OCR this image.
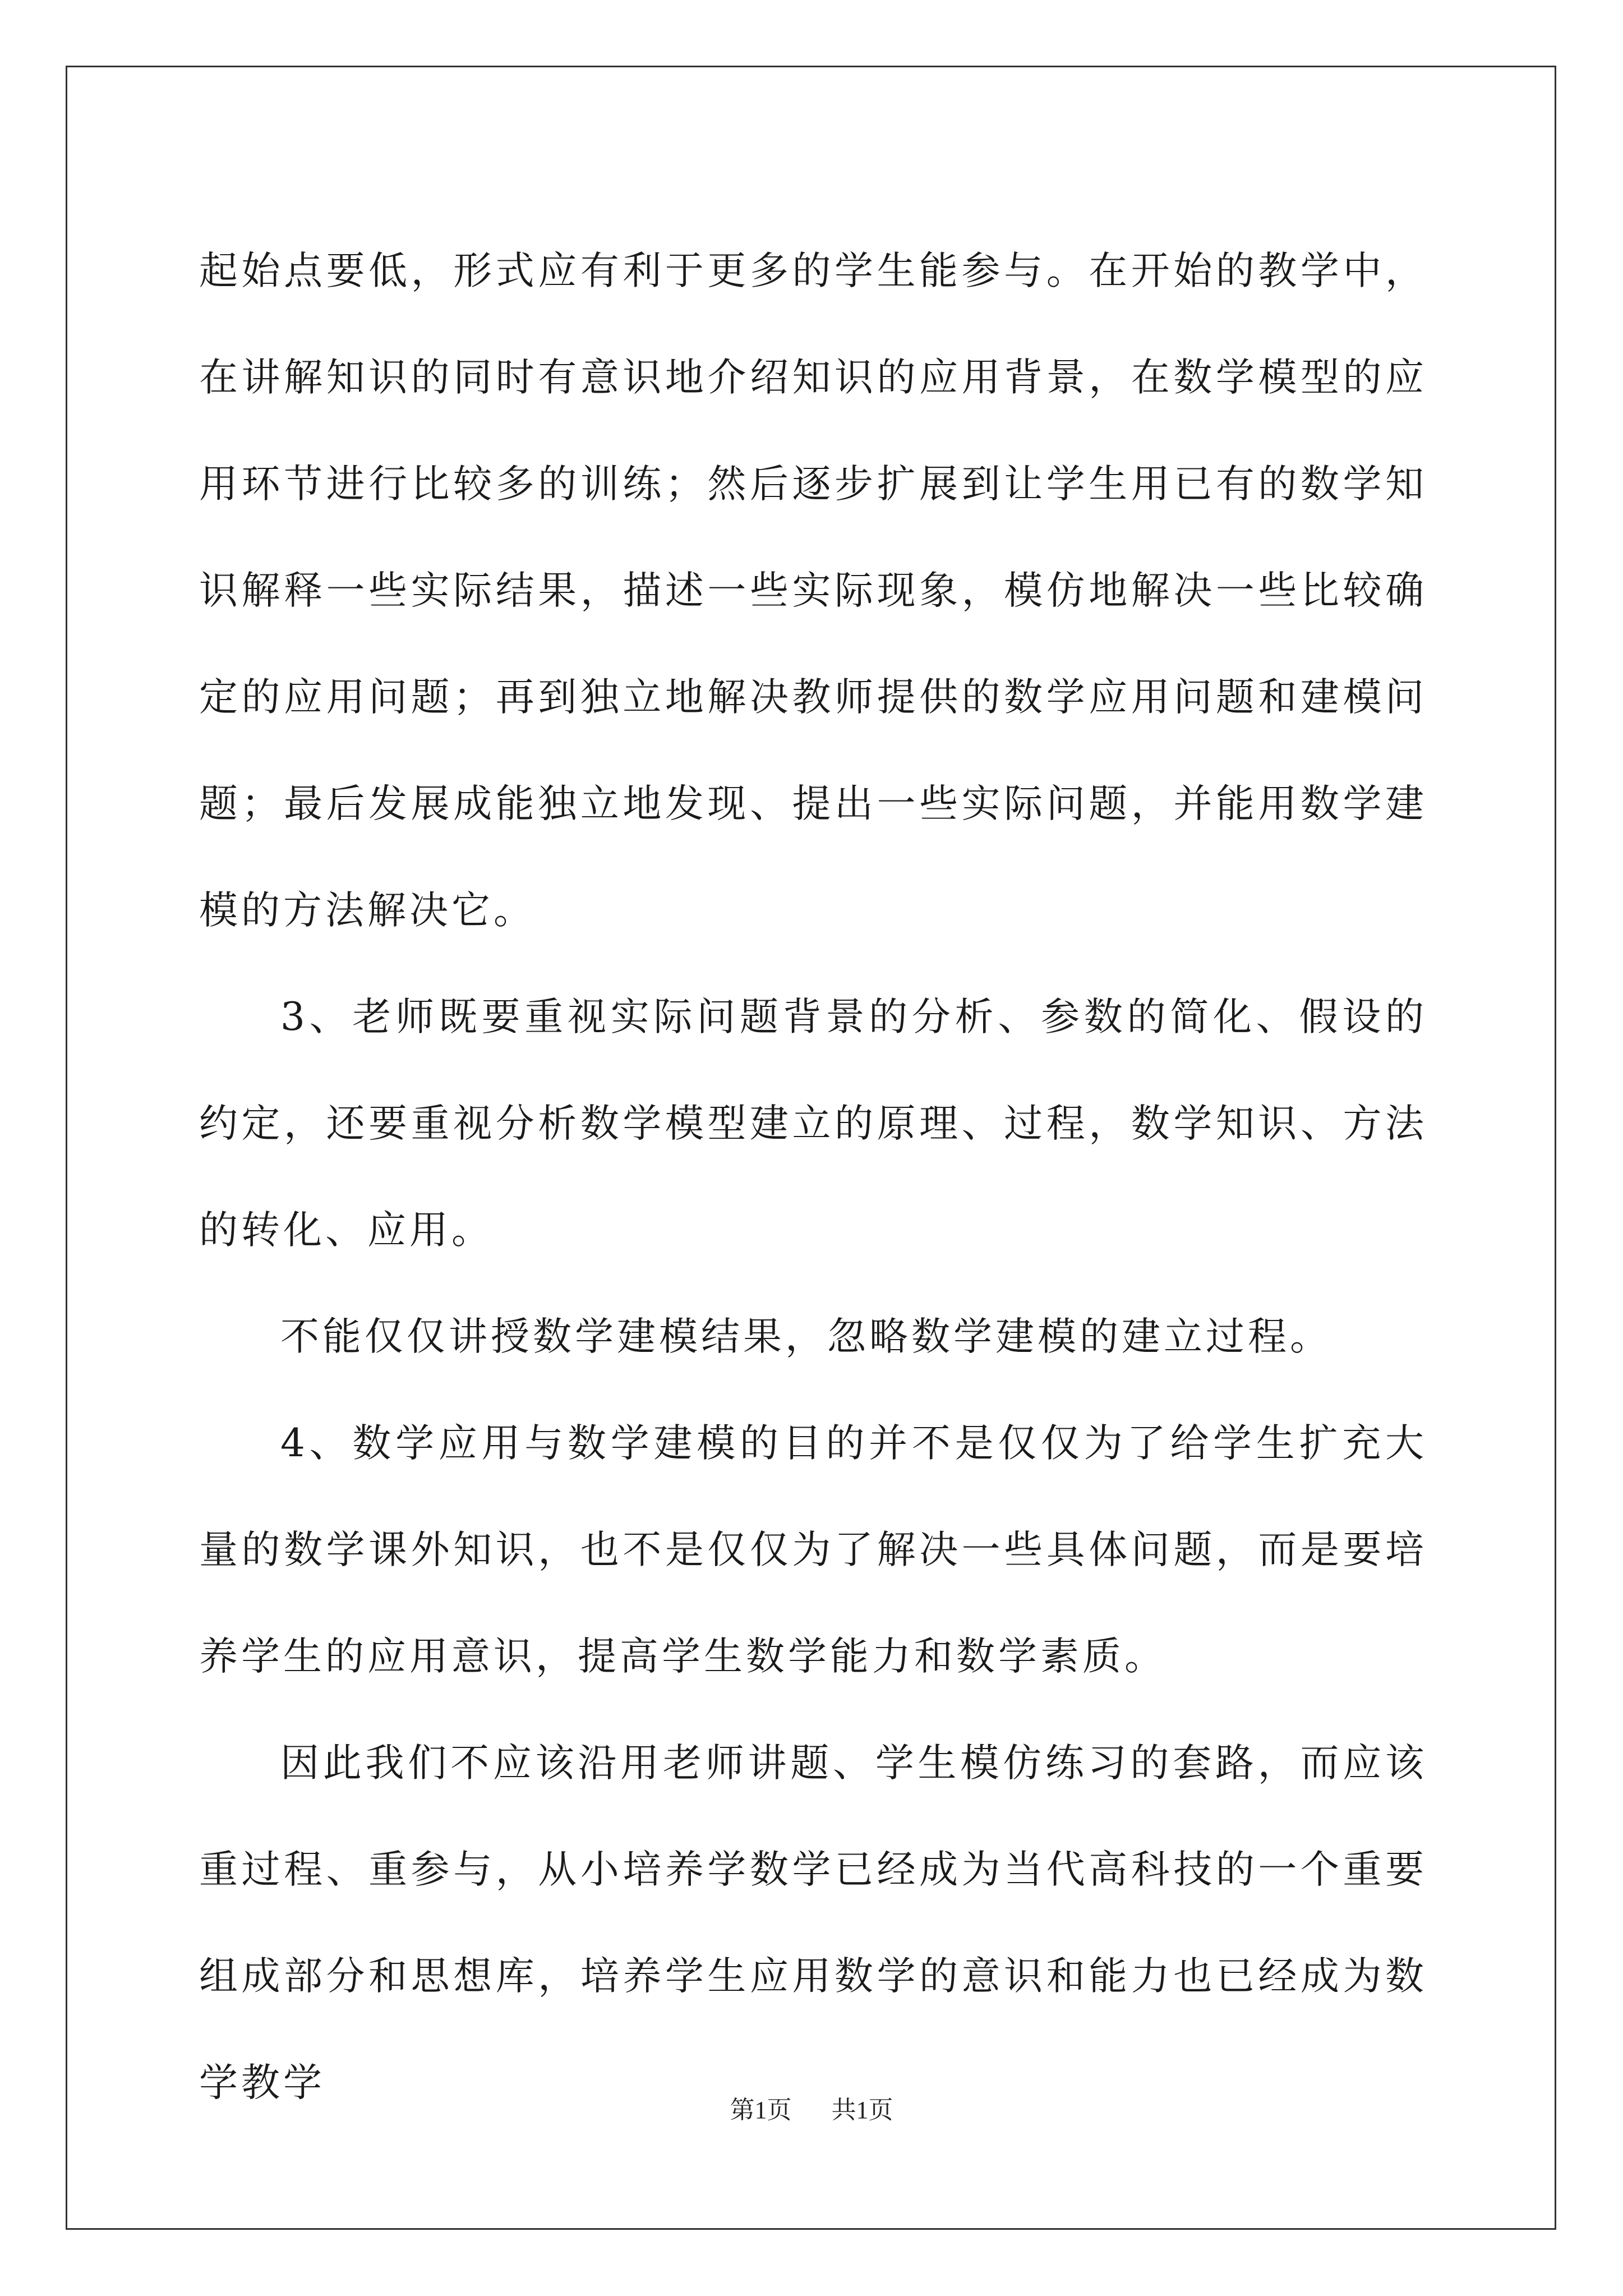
起始点要低，形式应有利于更多的学生能参与。在开始的教学中，在讲解知识的同时有意识地介绍知识的应用背景，在数学模型的应用环节进行比较多的训练；然后逐步扩展到让学生用已有的数学知识解释一些实际结果，描述一些实际现象，模仿地解决一些比较确定的应用问题；再到独立地解决教师提供的数学应用问题和建模问题；最后发展成能独立地发现、提出一些实际问题，并能用数学建模的方法解决它。

3、老师既要重视实际问题背景的分析、参数的简化、假设的约定，还要重视分析数学模型建立的原理、过程，数学知识、方法的转化、应用。

不能仅仅讲授数学建模结果，忽略数学建模的建立过程。

4、数学应用与数学建模的目的并不是仅仅为了给学生扩充大量的数学课外知识，也不是仅仅为了解决一些具体问题，而是要培养学生的应用意识，提高学生数学能力和数学素质。

因此我们不应该沿用老师讲题、学生模仿练习的套路，而应该重过程、重参与，从小培养学数学已经成为当代高科技的一个重要组成部分和思想库，培养学生应用数学的意识和能力也已经成为数学教学

第1页 共1页
